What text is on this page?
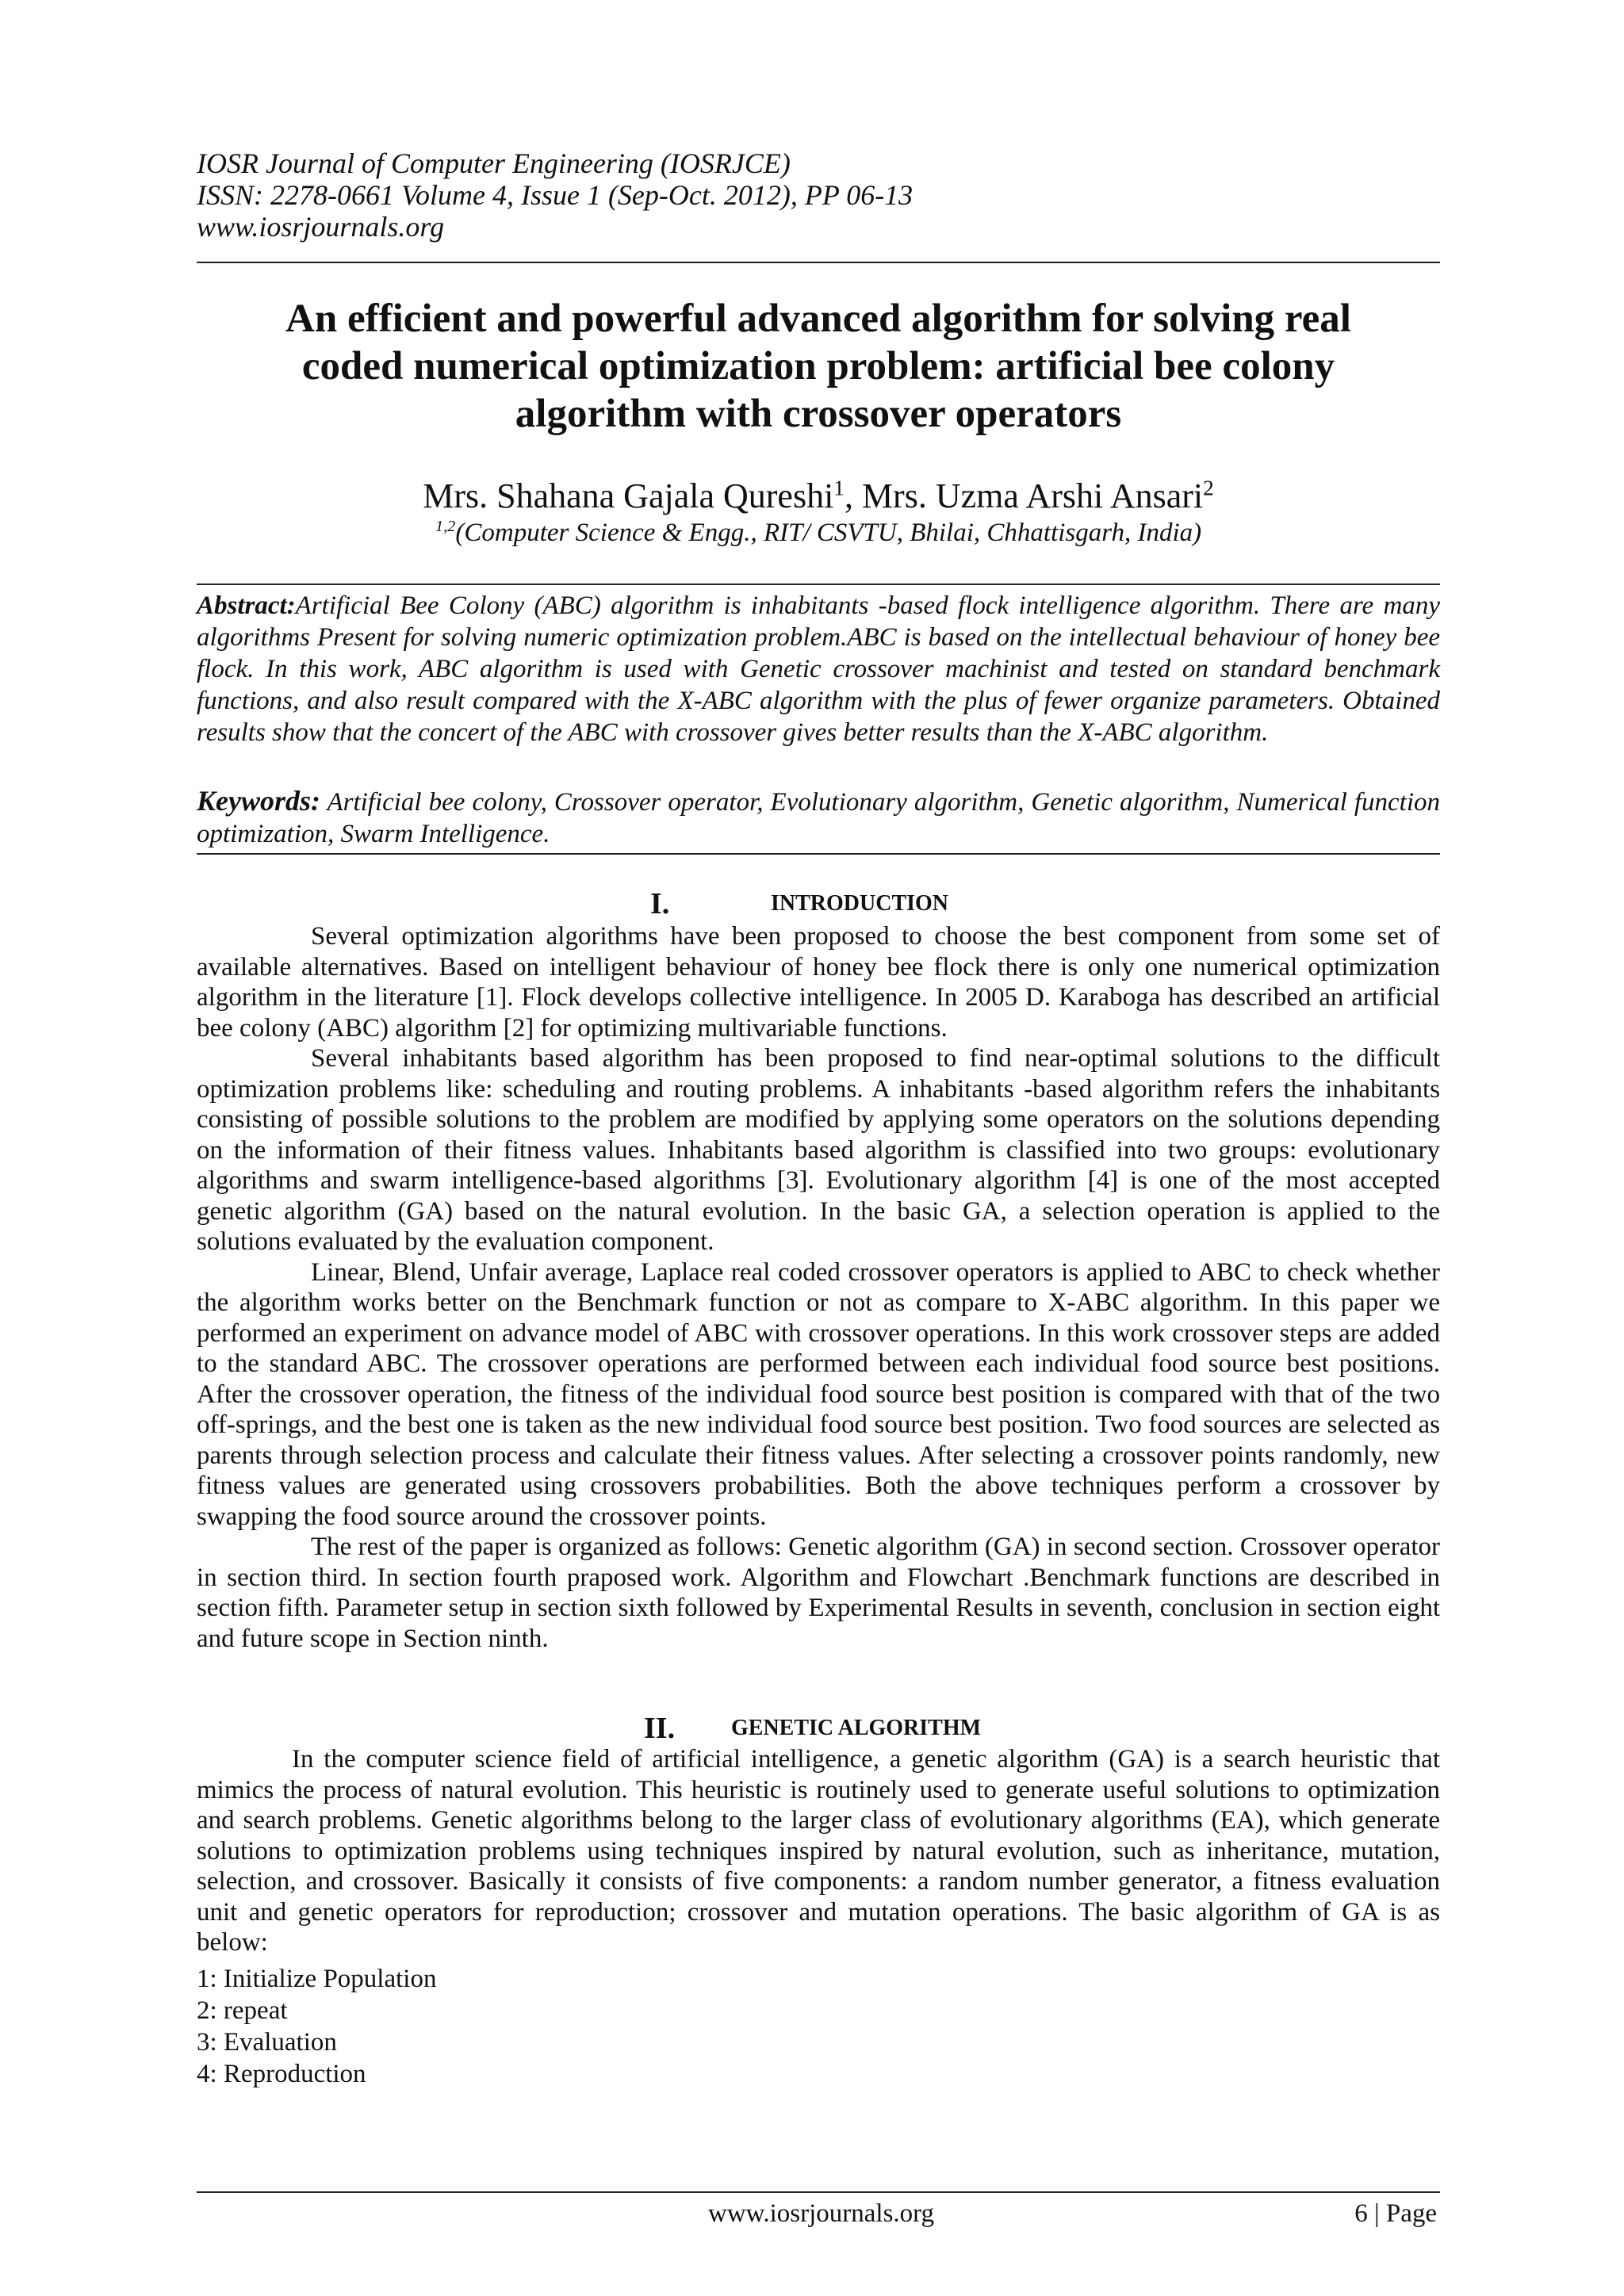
IOSR Journal of Computer Engineering (IOSRJCE)
ISSN: 2278-0661 Volume 4, Issue 1 (Sep-Oct. 2012), PP 06-13
www.iosrjournals.org
An efficient and powerful advanced algorithm for solving real
coded numerical optimization problem: artificial bee colony
algorithm with crossover operators
Mrs. Shahana Gajala Qureshi$^1$, Mrs. Uzma Arshi Ansari$^2$
$^{1,2}$(Computer Science & Engg., RIT/ CSVTU, Bhilai, Chhattisgarh, India)
Abstract:Artificial Bee Colony (ABC) algorithm is inhabitants -based flock intelligence algorithm. There are many algorithms Present for solving numeric optimization problem.ABC is based on the intellectual behaviour of honey bee flock. In this work, ABC algorithm is used with Genetic crossover machinist and tested on standard benchmark functions, and also result compared with the X-ABC algorithm with the plus of fewer organize parameters. Obtained results show that the concert of the ABC with crossover gives better results than the X-ABC algorithm.
Keywords: Artificial bee colony, Crossover operator, Evolutionary algorithm, Genetic algorithm, Numerical function optimization, Swarm Intelligence.
I.	INTRODUCTION

Several optimization algorithms have been proposed to choose the best component from some set of available alternatives. Based on intelligent behaviour of honey bee flock there is only one numerical optimization algorithm in the literature [1]. Flock develops collective intelligence. In 2005 D. Karaboga has described an artificial bee colony (ABC) algorithm [2] for optimizing multivariable functions.

Several inhabitants based algorithm has been proposed to find near-optimal solutions to the difficult optimization problems like: scheduling and routing problems. A inhabitants -based algorithm refers the inhabitants consisting of possible solutions to the problem are modified by applying some operators on the solutions depending on the information of their fitness values. Inhabitants based algorithm is classified into two groups: evolutionary algorithms and swarm intelligence-based algorithms [3]. Evolutionary algorithm [4] is one of the most accepted genetic algorithm (GA) based on the natural evolution. In the basic GA, a selection operation is applied to the solutions evaluated by the evaluation component.

Linear, Blend, Unfair average, Laplace real coded crossover operators is applied to ABC to check whether the algorithm works better on the Benchmark function or not as compare to X-ABC algorithm. In this paper we performed an experiment on advance model of ABC with crossover operations. In this work crossover steps are added to the standard ABC. The crossover operations are performed between each individual food source best positions. After the crossover operation, the fitness of the individual food source best position is compared with that of the two off-springs, and the best one is taken as the new individual food source best position. Two food sources are selected as parents through selection process and calculate their fitness values. After selecting a crossover points randomly, new fitness values are generated using crossovers probabilities. Both the above techniques perform a crossover by swapping the food source around the crossover points.

The rest of the paper is organized as follows: Genetic algorithm (GA) in second section. Crossover operator in section third. In section fourth praposed work. Algorithm and Flowchart .Benchmark functions are described in section fifth. Parameter setup in section sixth followed by Experimental Results in seventh, conclusion in section eight and future scope in Section ninth.

II.	GENETIC ALGORITHM

In the computer science field of artificial intelligence, a genetic algorithm (GA) is a search heuristic that mimics the process of natural evolution. This heuristic is routinely used to generate useful solutions to optimization and search problems. Genetic algorithms belong to the larger class of evolutionary algorithms (EA), which generate solutions to optimization problems using techniques inspired by natural evolution, such as inheritance, mutation, selection, and crossover. Basically it consists of five components: a random number generator, a fitness evaluation unit and genetic operators for reproduction; crossover and mutation operations. The basic algorithm of GA is as below:

1: Initialize Population
2: repeat
3: Evaluation
4: Reproduction
www.iosrjournals.org	6 | Page
